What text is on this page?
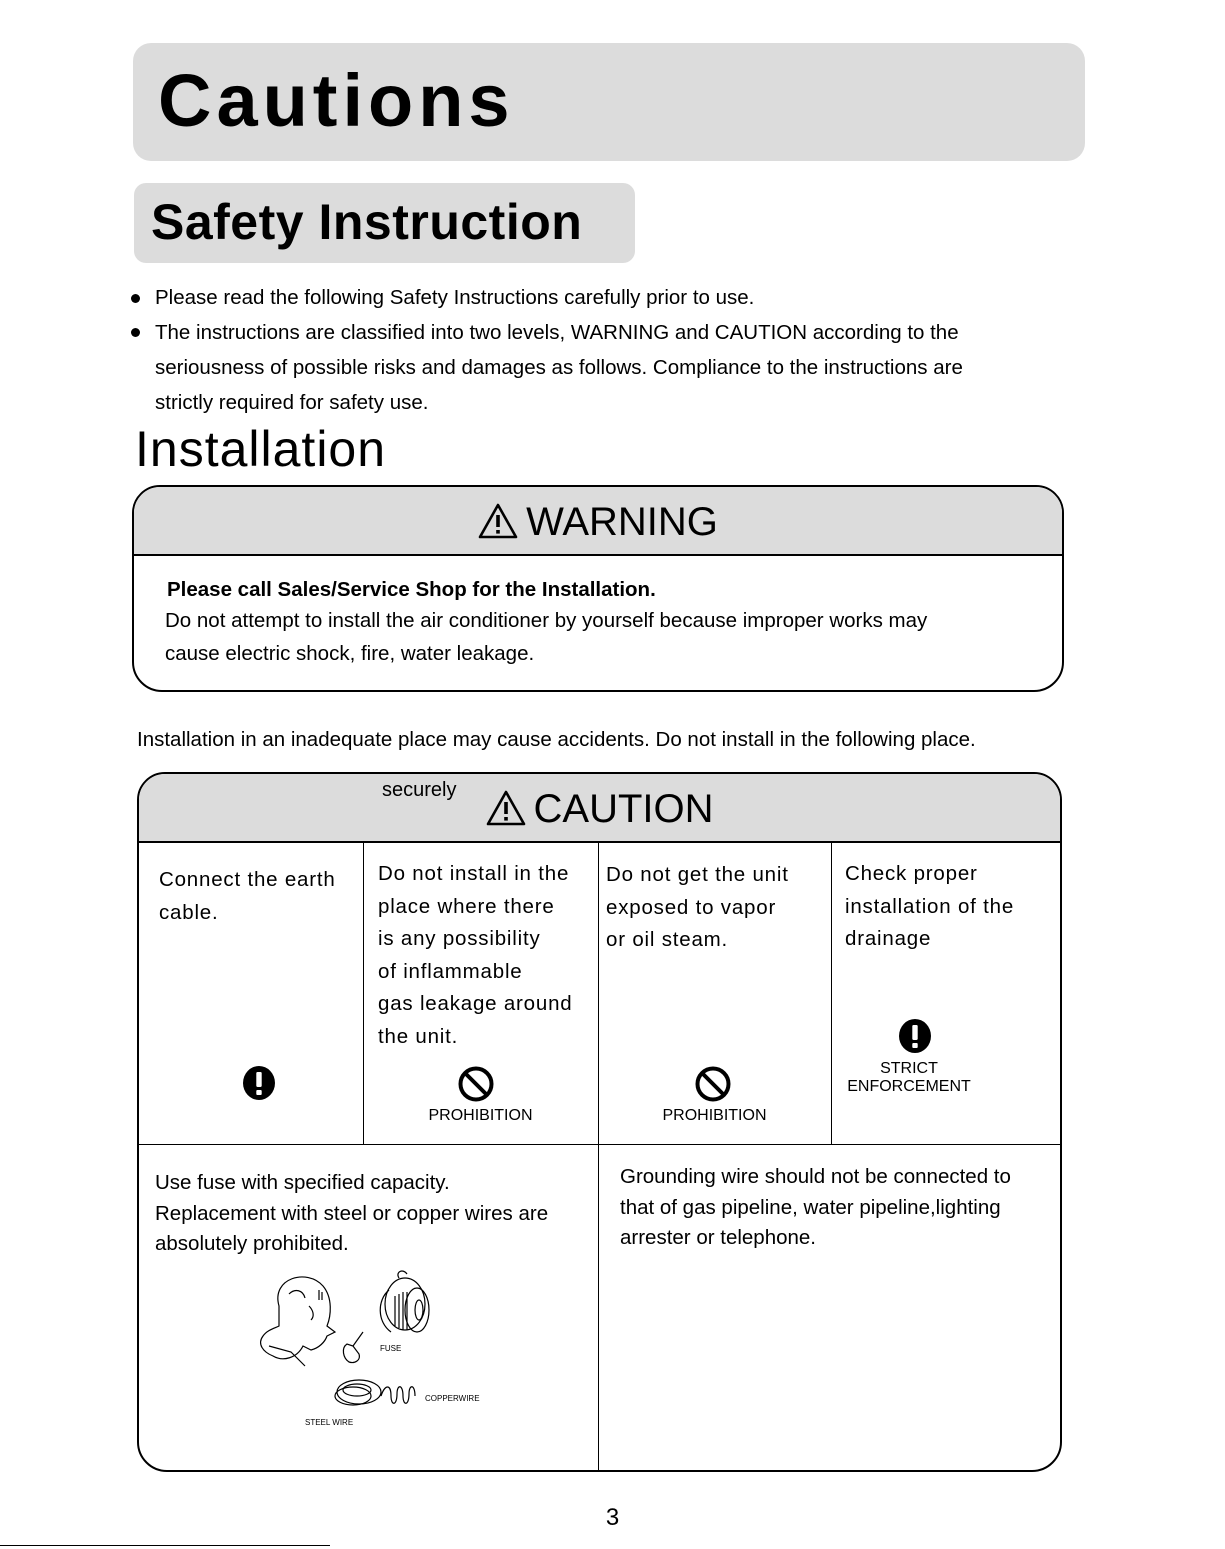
Cautions
Safety Instruction
Please read the following Safety Instructions carefully prior to use.
The instructions are classified into two levels, WARNING and CAUTION according to the
seriousness of possible risks and damages as follows. Compliance to the instructions are
strictly required for safety use.
Installation
WARNING
Please call Sales/Service Shop for the Installation.
Do not attempt to install the air conditioner by yourself because improper works may
cause electric shock, fire, water leakage.
Installation in an inadequate place may cause accidents. Do not install in the following place.
securely	CAUTION
Connect the earth
cable.
Do not install in the
place where there
is any possibility
of inflammable
gas leakage around
the unit.
PROHIBITION
Do not get the unit
exposed to vapor
or oil steam.
PROHIBITION
Check proper
installation of the
drainage
STRICT
ENFORCEMENT
Use fuse with specified capacity.
Replacement with steel or copper wires are
absolutely prohibited.
FUSE
COPPERWIRE
STEEL WIRE
Grounding wire should not be connected to
that of gas pipeline, water pipeline,lighting
arrester or telephone.
3
